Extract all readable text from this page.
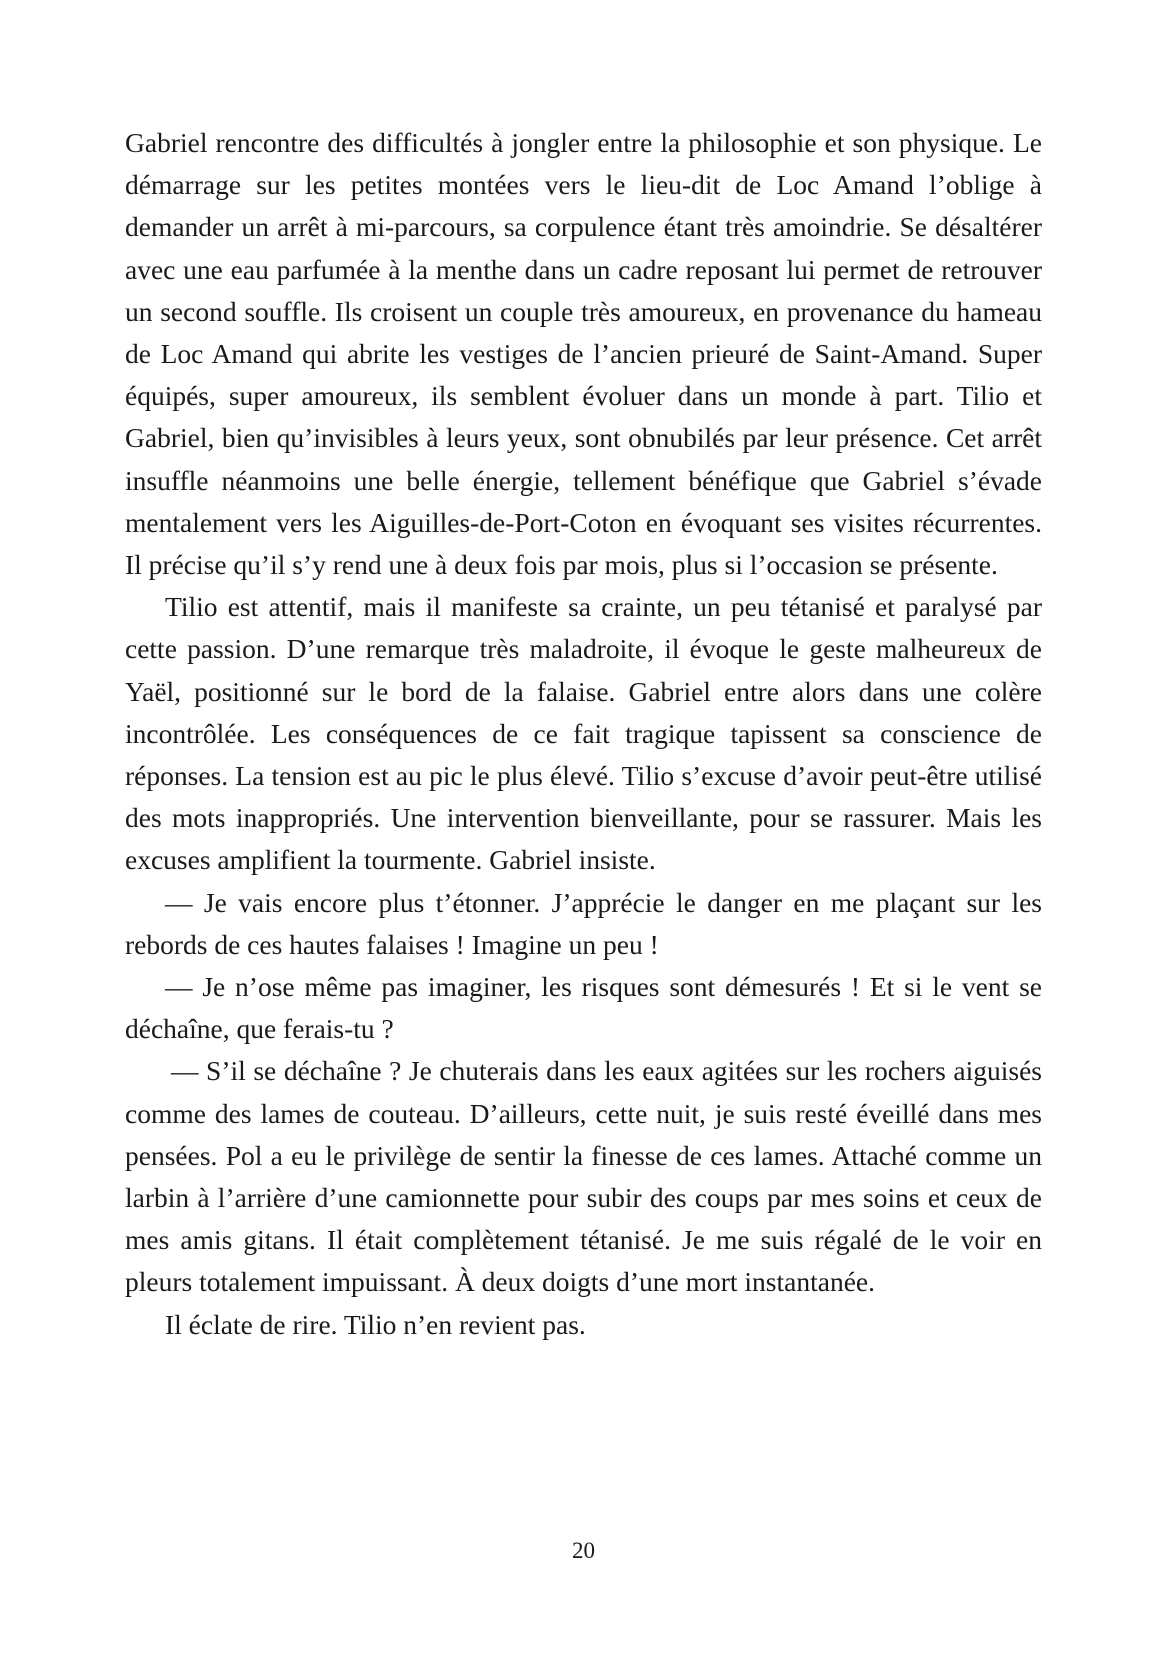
Gabriel rencontre des difficultés à jongler entre la philosophie et son physique. Le démarrage sur les petites montées vers le lieu-dit de Loc Amand l’oblige à demander un arrêt à mi-parcours, sa corpulence étant très amoindrie. Se désaltérer avec une eau parfumée à la menthe dans un cadre reposant lui permet de retrouver un second souffle. Ils croisent un couple très amoureux, en provenance du hameau de Loc Amand qui abrite les vestiges de l’ancien prieuré de Saint-Amand. Super équipés, super amoureux, ils semblent évoluer dans un monde à part. Tilio et Gabriel, bien qu’invisibles à leurs yeux, sont obnubilés par leur présence. Cet arrêt insuffle néanmoins une belle énergie, tellement bénéfique que Gabriel s’évade mentalement vers les Aiguilles-de-Port-Coton en évoquant ses visites récurrentes. Il précise qu’il s’y rend une à deux fois par mois, plus si l’occasion se présente.

Tilio est attentif, mais il manifeste sa crainte, un peu tétanisé et paralysé par cette passion. D’une remarque très maladroite, il évoque le geste malheureux de Yaël, positionné sur le bord de la falaise. Gabriel entre alors dans une colère incontrôlée. Les conséquences de ce fait tragique tapissent sa conscience de réponses. La tension est au pic le plus élevé. Tilio s’excuse d’avoir peut-être utilisé des mots inappropriés. Une intervention bienveillante, pour se rassurer. Mais les excuses amplifient la tourmente. Gabriel insiste.

— Je vais encore plus t’étonner. J’apprécie le danger en me plaçant sur les rebords de ces hautes falaises ! Imagine un peu !

— Je n’ose même pas imaginer, les risques sont démesurés ! Et si le vent se déchaîne, que ferais-tu ?

— S’il se déchaîne ? Je chuterais dans les eaux agitées sur les rochers aiguisés comme des lames de couteau. D’ailleurs, cette nuit, je suis resté éveillé dans mes pensées. Pol a eu le privilège de sentir la finesse de ces lames. Attaché comme un larbin à l’arrière d’une camionnette pour subir des coups par mes soins et ceux de mes amis gitans. Il était complètement tétanisé. Je me suis régalé de le voir en pleurs totalement impuissant. À deux doigts d’une mort instantanée.

Il éclate de rire. Tilio n’en revient pas.

20
